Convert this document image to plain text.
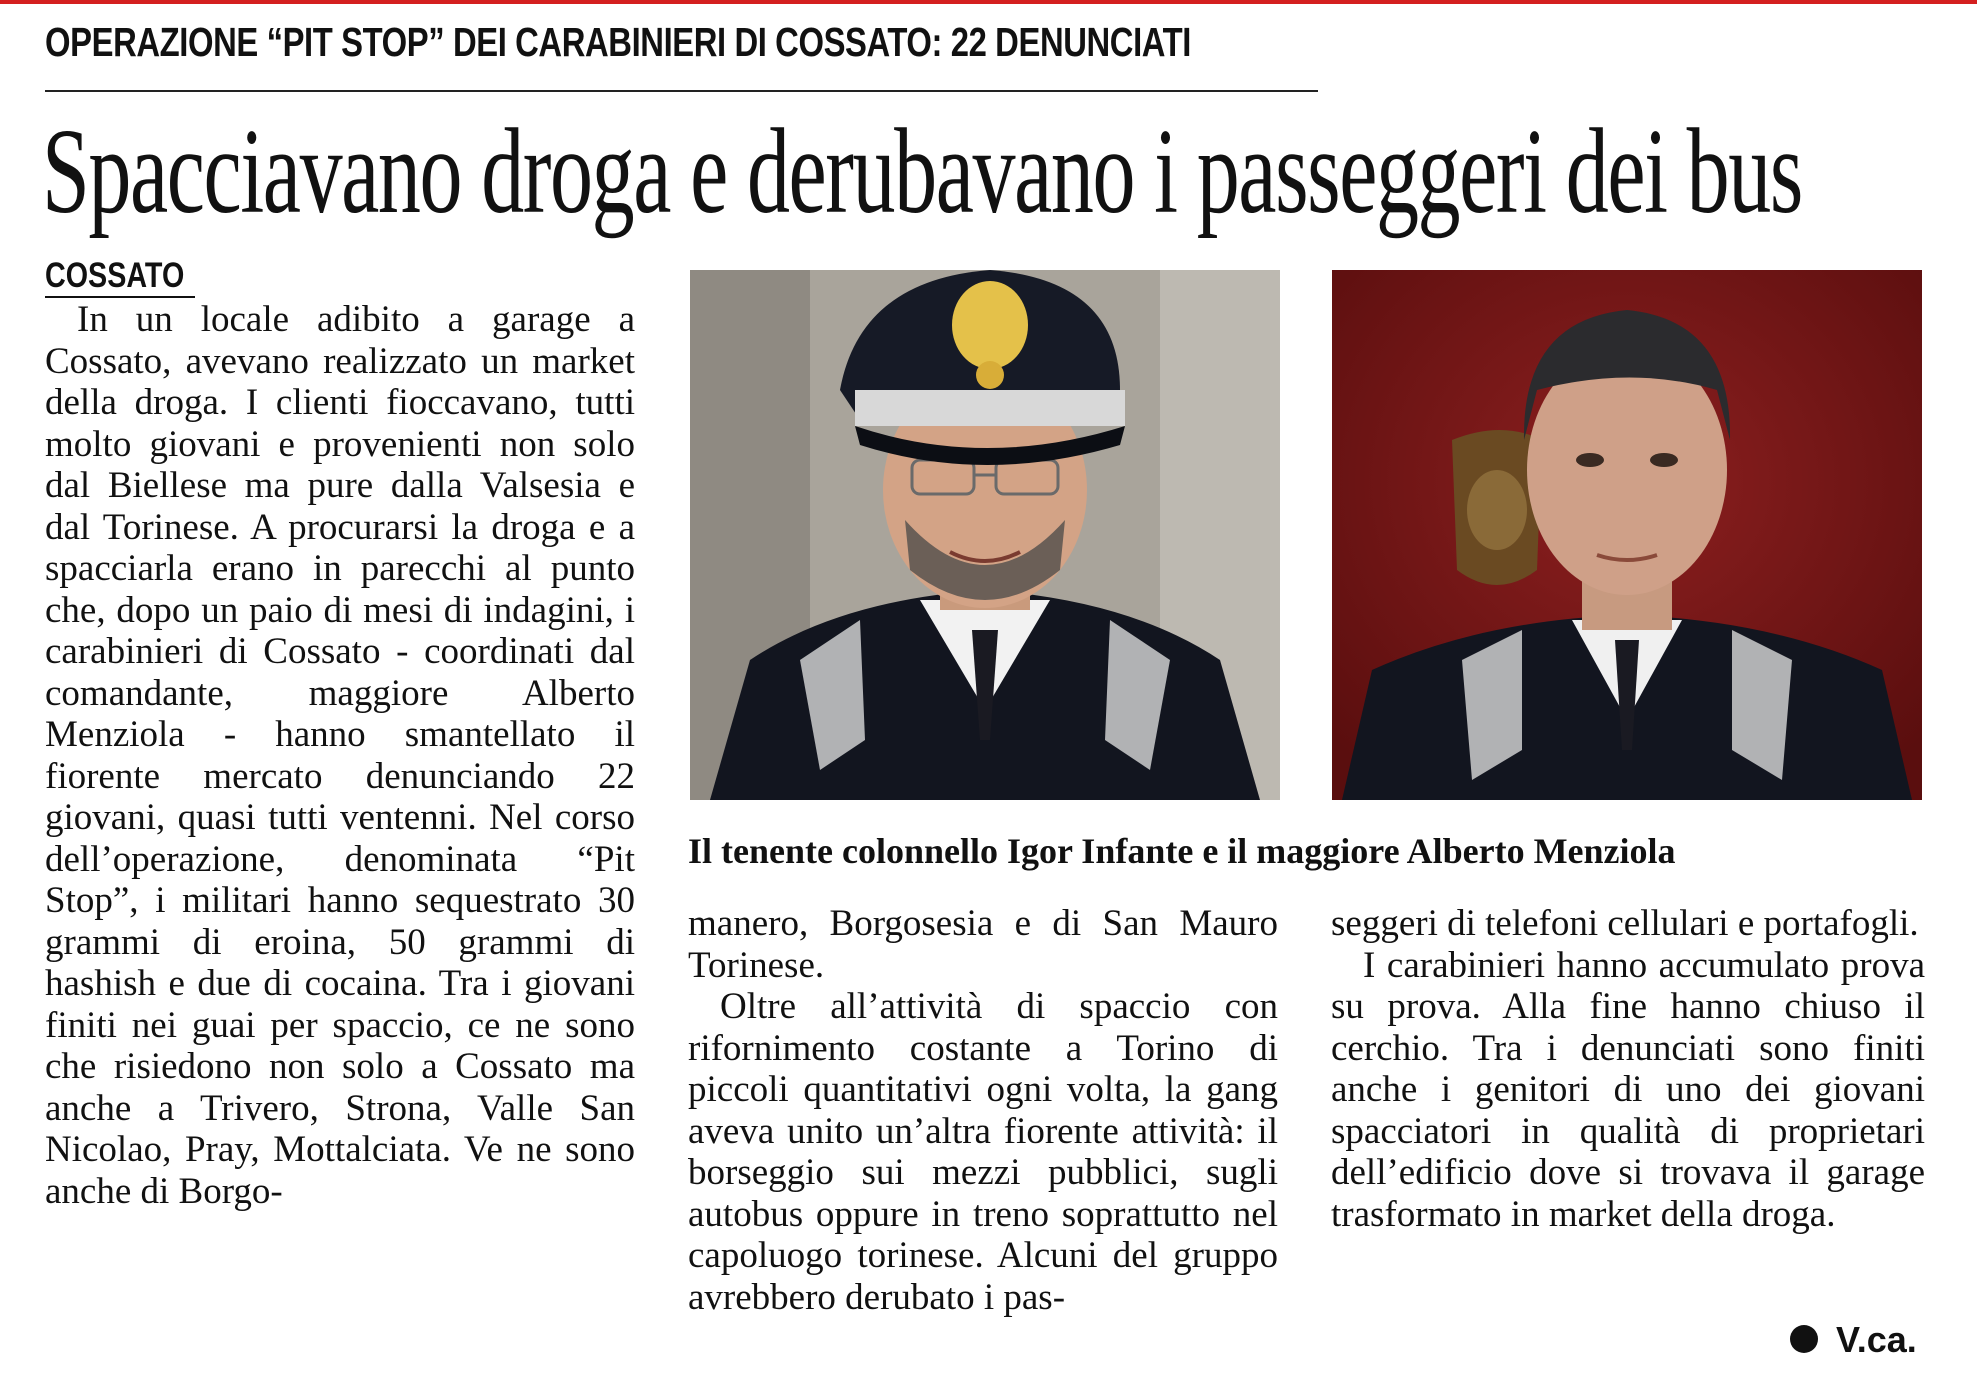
OPERAZIONE “PIT STOP” DEI CARABINIERI DI COSSATO: 22 DENUNCIATI
Spacciavano droga e derubavano i passeggeri dei bus
COSSATO

In un locale adibito a garage a Cossato, avevano realizzato un market della droga. I clienti fioccavano, tutti molto giovani e provenienti non solo dal Biellese ma pure dalla Valsesia e dal Torinese. A procurarsi la droga e a spacciarla erano in parecchi al punto che, dopo un paio di mesi di indagini, i carabinieri di Cossato - coordinati dal comandante, maggiore Alberto Menziola - hanno smantellato il fiorente mercato denunciando 22 giovani, quasi tutti ventenni. Nel corso dell’operazione, denominata “Pit Stop”, i militari hanno sequestrato 30 grammi di eroina, 50 grammi di hashish e due di cocaina. Tra i giovani finiti nei guai per spaccio, ce ne sono che risiedono non solo a Cossato ma anche a Trivero, Strona, Valle San Nicolao, Pray, Mottalciata. Ve ne sono anche di Borgo-

Il tenente colonnello Igor Infante e il maggiore Alberto Menziola

manero, Borgosesia e di San Mauro Torinese.

Oltre all’attività di spaccio con rifornimento costante a Torino di piccoli quantitativi ogni volta, la gang aveva unito un’altra fiorente attività: il borseggio sui mezzi pubblici, sugli autobus oppure in treno soprattutto nel capoluogo torinese. Alcuni del gruppo avrebbero derubato i pas-

seggeri di telefoni cellulari e portafogli.

I carabinieri hanno accumulato prova su prova. Alla fine hanno chiuso il cerchio. Tra i denunciati sono finiti anche i genitori di uno dei giovani spacciatori in qualità di proprietari dell’edificio dove si trovava il garage trasformato in market della droga.

V.ca.
